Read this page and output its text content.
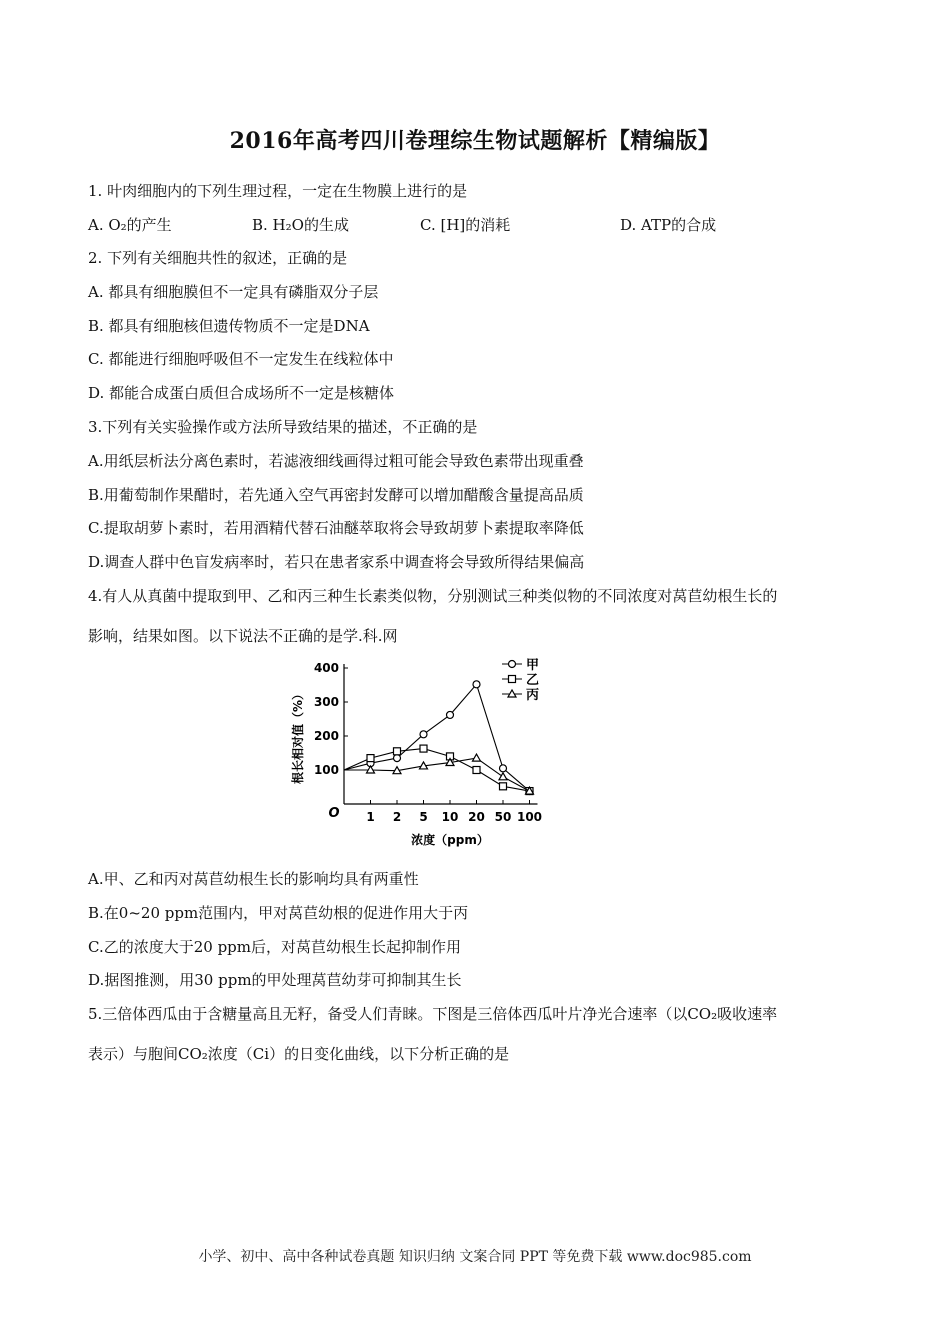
2016年高考四川卷理综生物试题解析【精编版】
1. 叶肉细胞内的下列生理过程，一定在生物膜上进行的是
A. O₂的产生	B. H₂O的生成	C. [H]的消耗	D. ATP的合成
2. 下列有关细胞共性的叙述，正确的是
A. 都具有细胞膜但不一定具有磷脂双分子层
B. 都具有细胞核但遗传物质不一定是DNA
C. 都能进行细胞呼吸但不一定发生在线粒体中
D. 都能合成蛋白质但合成场所不一定是核糖体
3.下列有关实验操作或方法所导致结果的描述，不正确的是
A.用纸层析法分离色素时，若滤液细线画得过粗可能会导致色素带出现重叠
B.用葡萄制作果醋时，若先通入空气再密封发酵可以增加醋酸含量提高品质
C.提取胡萝卜素时，若用酒精代替石油醚萃取将会导致胡萝卜素提取率降低
D.调查人群中色盲发病率时，若只在患者家系中调查将会导致所得结果偏高
4.有人从真菌中提取到甲、乙和丙三种生长素类似物，分别测试三种类似物的不同浓度对莴苣幼根生长的
影响，结果如图。以下说法不正确的是学.科.网
100
200
300
400
1 2 5 10 20 50 100
O
浓度（ppm）
根长相对值（%）
甲
乙
丙
A.甲、乙和丙对莴苣幼根生长的影响均具有两重性
B.在0~20 ppm范围内，甲对莴苣幼根的促进作用大于丙
C.乙的浓度大于20 ppm后，对莴苣幼根生长起抑制作用
D.据图推测，用30 ppm的甲处理莴苣幼芽可抑制其生长
5.三倍体西瓜由于含糖量高且无籽，备受人们青睐。下图是三倍体西瓜叶片净光合速率（以CO₂吸收速率
表示）与胞间CO₂浓度（Ci）的日变化曲线，以下分析正确的是
小学、初中、高中各种试卷真题 知识归纳 文案合同 PPT 等免费下载 www.doc985.com
